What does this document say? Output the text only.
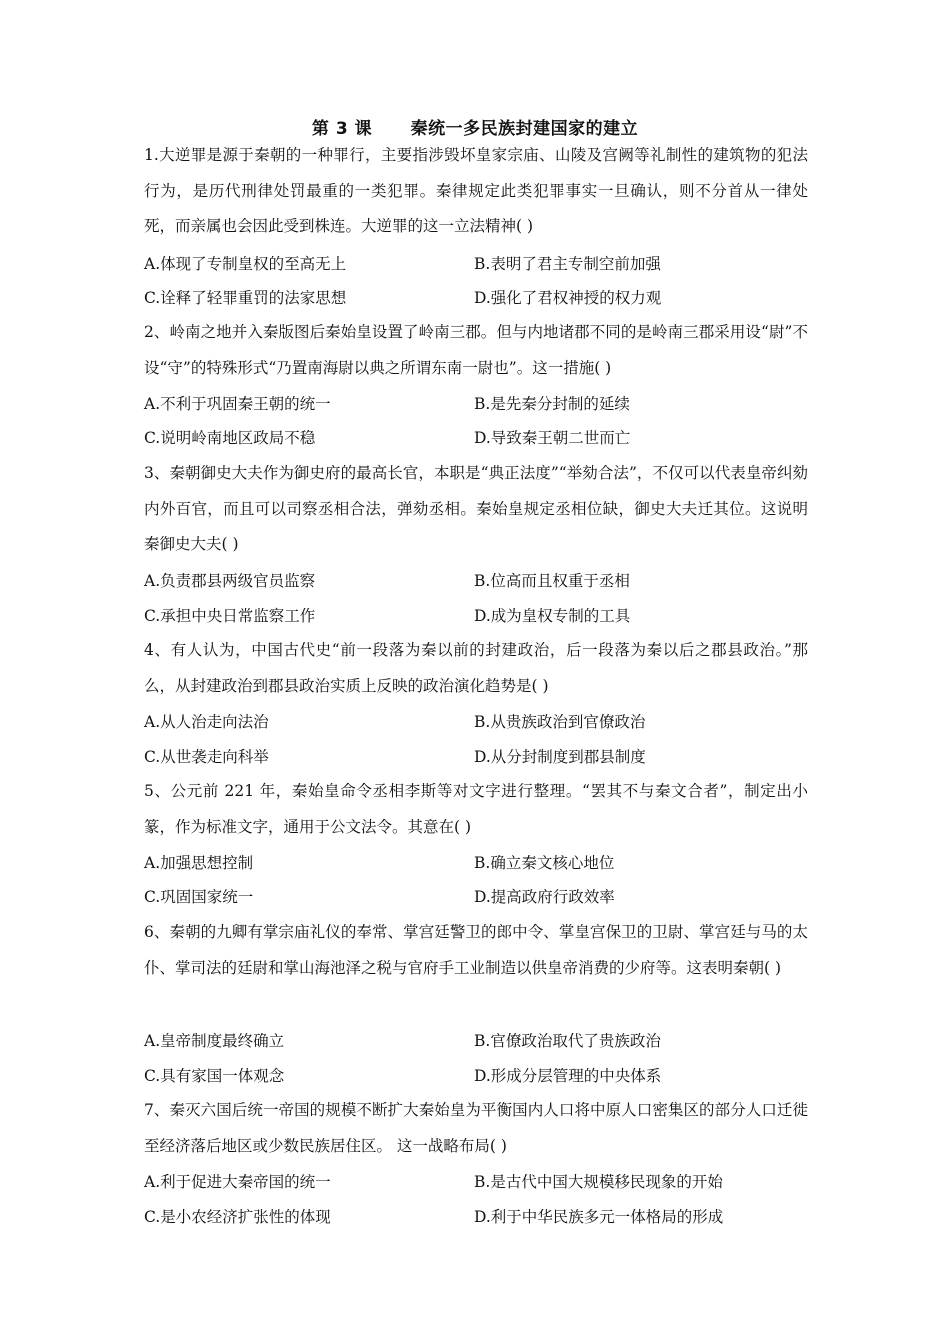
第 3 课      秦统一多民族封建国家的建立
1.大逆罪是源于秦朝的一种罪行，主要指涉毁坏皇家宗庙、山陵及宫阙等礼制性的建筑物的犯法行为，是历代刑律处罚最重的一类犯罪。秦律规定此类犯罪事实一旦确认，则不分首从一律处死，而亲属也会因此受到株连。大逆罪的这一立法精神( )
A.体现了专制皇权的至高无上	B.表明了君主专制空前加强
C.诠释了轻罪重罚的法家思想	D.强化了君权神授的权力观
2、岭南之地并入秦版图后秦始皇设置了岭南三郡。但与内地诸郡不同的是岭南三郡采用设“尉”不设“守”的特殊形式“乃置南海尉以典之所谓东南一尉也”。这一措施( )
A.不利于巩固秦王朝的统一	B.是先秦分封制的延续
C.说明岭南地区政局不稳	D.导致秦王朝二世而亡
3、秦朝御史大夫作为御史府的最高长官，本职是“典正法度”“举劾合法”，不仅可以代表皇帝纠劾内外百官，而且可以司察丞相合法，弹劾丞相。秦始皇规定丞相位缺，御史大夫迁其位。这说明秦御史大夫( )
A.负责郡县两级官员监察	B.位高而且权重于丞相
C.承担中央日常监察工作	D.成为皇权专制的工具
4、有人认为，中国古代史“前一段落为秦以前的封建政治，后一段落为秦以后之郡县政治。”那么，从封建政治到郡县政治实质上反映的政治演化趋势是( )
A.从人治走向法治	B.从贵族政治到官僚政治
C.从世袭走向科举	D.从分封制度到郡县制度
5、公元前 221 年，秦始皇命令丞相李斯等对文字进行整理。“罢其不与秦文合者”，制定出小篆，作为标准文字，通用于公文法令。其意在( )
A.加强思想控制	B.确立秦文核心地位
C.巩固国家统一	D.提高政府行政效率
6、秦朝的九卿有掌宗庙礼仪的奉常、掌宫廷警卫的郎中令、掌皇宫保卫的卫尉、掌宫廷与马的太仆、掌司法的廷尉和掌山海池泽之税与官府手工业制造以供皇帝消费的少府等。这表明秦朝( )
A.皇帝制度最终确立	B.官僚政治取代了贵族政治
C.具有家国一体观念	D.形成分层管理的中央体系
7、秦灭六国后统一帝国的规模不断扩大秦始皇为平衡国内人口将中原人口密集区的部分人口迁徙至经济落后地区或少数民族居住区。 这一战略布局( )
A.利于促进大秦帝国的统一	B.是古代中国大规模移民现象的开始
C.是小农经济扩张性的体现	D.利于中华民族多元一体格局的形成
